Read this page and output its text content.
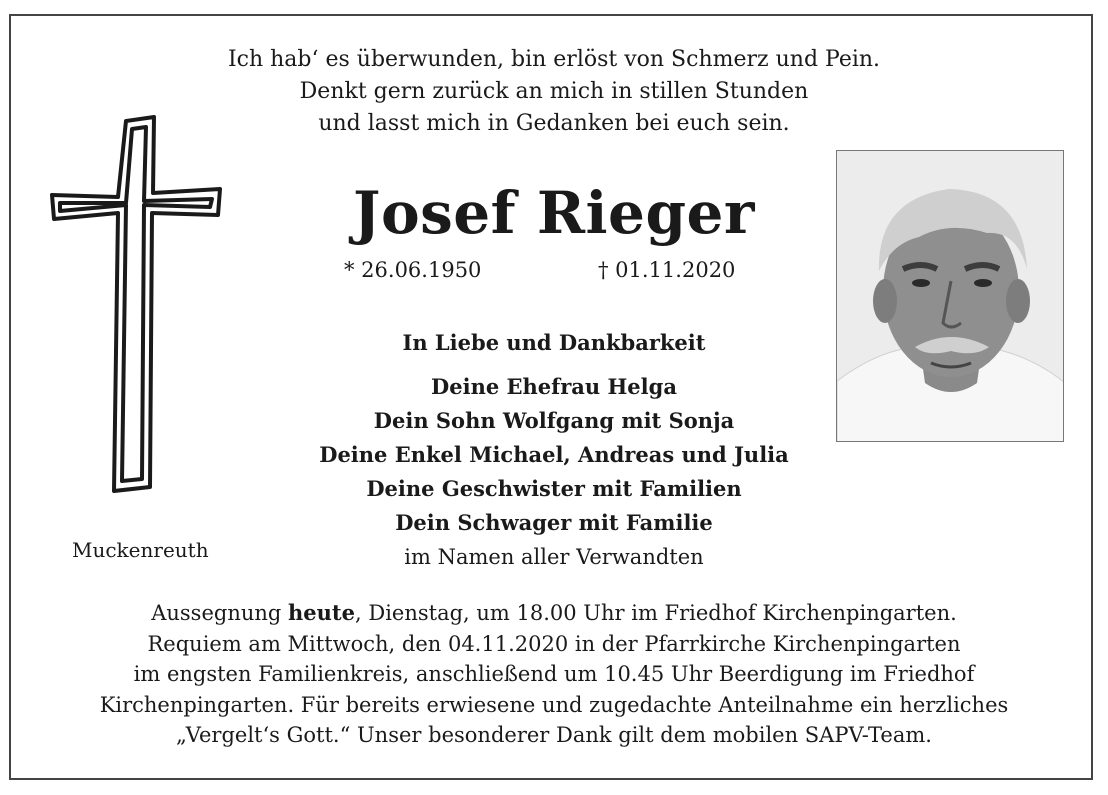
Ich hab‘ es überwunden, bin erlöst von Schmerz und Pein.
Denkt gern zurück an mich in stillen Stunden
und lasst mich in Gedanken bei euch sein.
Josef Rieger
* 26.06.1950	† 01.11.2020
In Liebe und Dankbarkeit
Deine Ehefrau Helga
Dein Sohn Wolfgang mit Sonja
Deine Enkel Michael, Andreas und Julia
Deine Geschwister mit Familien
Dein Schwager mit Familie
im Namen aller Verwandten
Muckenreuth
Aussegnung heute, Dienstag, um 18.00 Uhr im Friedhof Kirchenpingarten.
Requiem am Mittwoch, den 04.11.2020 in der Pfarrkirche Kirchenpingarten
im engsten Familienkreis, anschließend um 10.45 Uhr Beerdigung im Friedhof
Kirchenpingarten. Für bereits erwiesene und zugedachte Anteilnahme ein herzliches
„Vergelt‘s Gott.“ Unser besonderer Dank gilt dem mobilen SAPV-Team.
